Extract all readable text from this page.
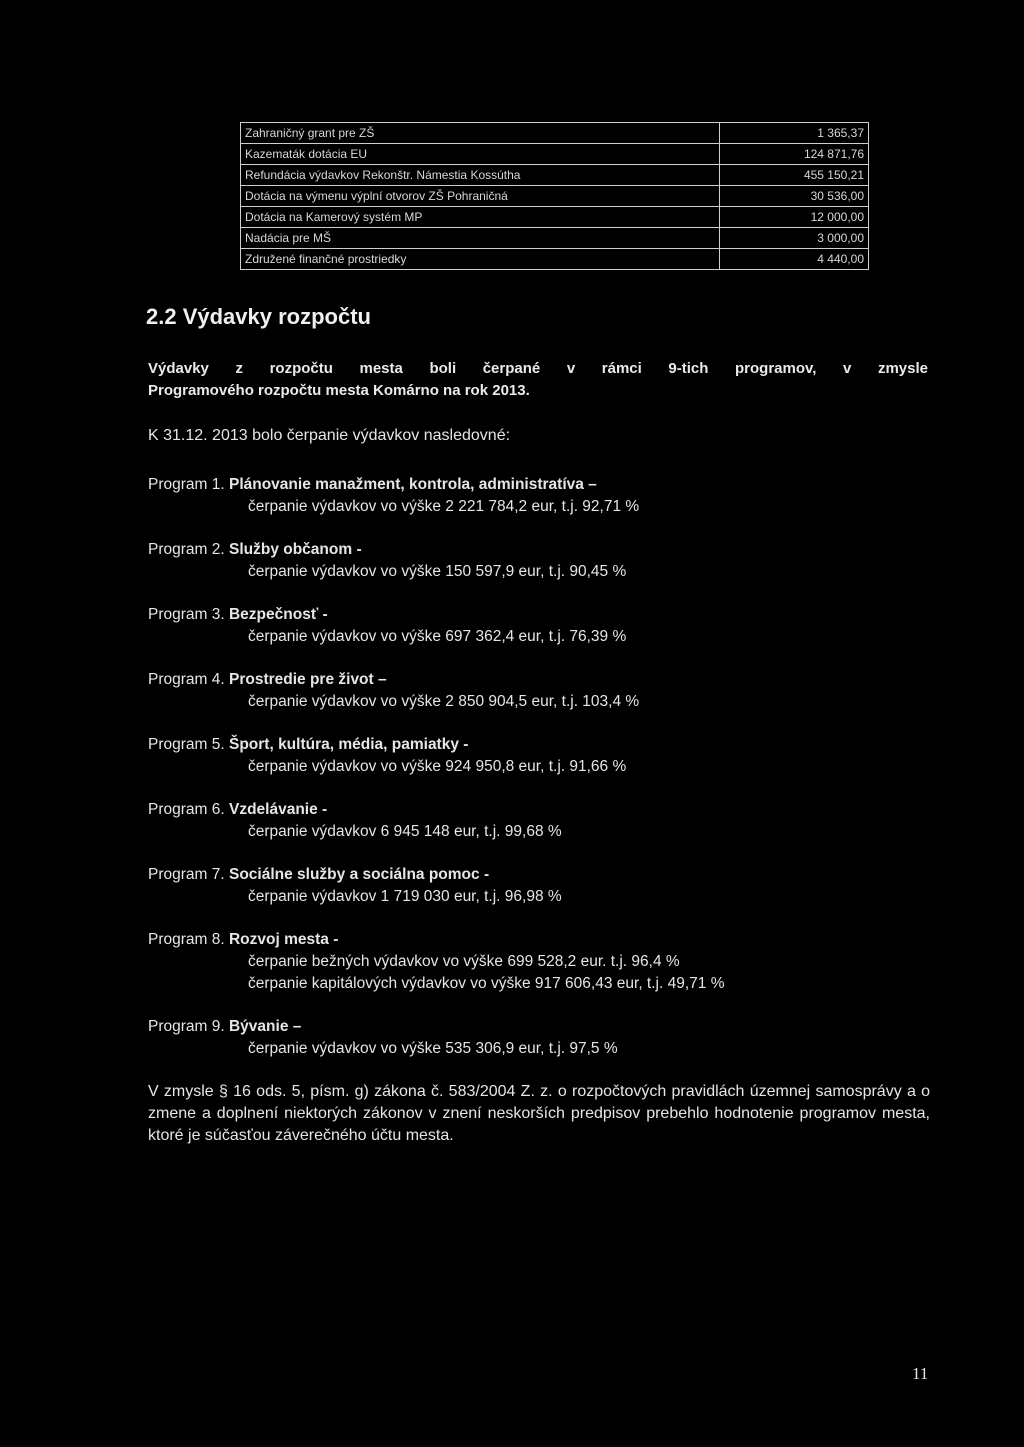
Zahraničný grant pre ZŠ	1 365,37
Kazematák dotácia EU	124 871,76
Refundácia výdavkov Rekonštr. Námestia Kossútha	455 150,21
Dotácia na výmenu výplní otvorov ZŠ Pohraničná	30 536,00
Dotácia na Kamerový systém MP	12 000,00
Nadácia pre MŠ	3 000,00
Združené finančné prostriedky	4 440,00
2.2 Výdavky rozpočtu

Výdavky z rozpočtu mesta boli čerpané v rámci 9-tich programov, v zmysle
Programového rozpočtu mesta Komárno na rok 2013.

K 31.12. 2013 bolo čerpanie výdavkov nasledovné:

Program 1. Plánovanie manažment, kontrola, administratíva –
čerpanie výdavkov vo výške 2 221 784,2 eur, t.j. 92,71 %
Program 2. Služby občanom -
čerpanie výdavkov vo výške 150 597,9 eur, t.j. 90,45 %
Program 3. Bezpečnosť -
čerpanie výdavkov vo výške 697 362,4 eur, t.j. 76,39 %
Program 4. Prostredie pre život –
čerpanie výdavkov vo výške 2 850 904,5 eur, t.j. 103,4 %
Program 5. Šport, kultúra, média, pamiatky -
čerpanie výdavkov vo výške 924 950,8 eur, t.j. 91,66 %
Program 6. Vzdelávanie -
čerpanie výdavkov 6 945 148 eur, t.j. 99,68 %
Program 7. Sociálne služby a sociálna pomoc -
čerpanie výdavkov 1 719 030 eur, t.j. 96,98 %
Program 8. Rozvoj mesta -
čerpanie bežných výdavkov vo výške 699 528,2 eur. t.j. 96,4 %
čerpanie kapitálových výdavkov vo výške 917 606,43 eur, t.j. 49,71 %
Program 9. Bývanie –
čerpanie výdavkov vo výške 535 306,9 eur, t.j. 97,5 %

V zmysle § 16 ods. 5, písm. g) zákona č. 583/2004 Z. z. o rozpočtových pravidlách územnej samosprávy a o zmene a doplnení niektorých zákonov v znení neskorších predpisov prebehlo hodnotenie programov mesta, ktoré je súčasťou záverečného účtu mesta.

11
